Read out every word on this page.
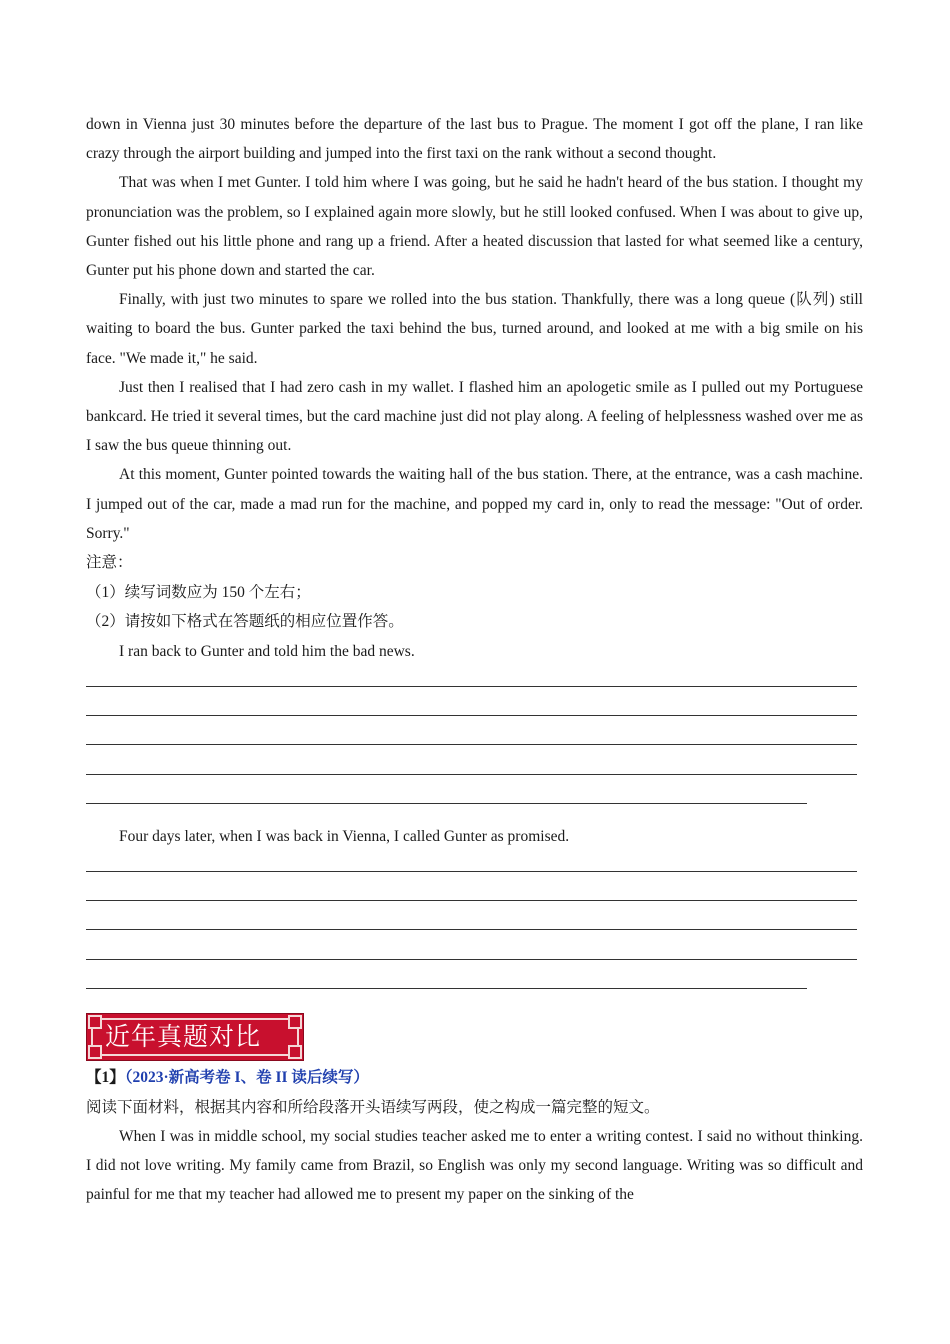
down in Vienna just 30 minutes before the departure of the last bus to Prague. The moment I got off the plane, I ran like crazy through the airport building and jumped into the first taxi on the rank without a second thought.

That was when I met Gunter. I told him where I was going, but he said he hadn't heard of the bus station. I thought my pronunciation was the problem, so I explained again more slowly, but he still looked confused. When I was about to give up, Gunter fished out his little phone and rang up a friend. After a heated discussion that lasted for what seemed like a century, Gunter put his phone down and started the car.

Finally, with just two minutes to spare we rolled into the bus station. Thankfully, there was a long queue (队列) still waiting to board the bus. Gunter parked the taxi behind the bus, turned around, and looked at me with a big smile on his face. "We made it," he said.

Just then I realised that I had zero cash in my wallet. I flashed him an apologetic smile as I pulled out my Portuguese bankcard. He tried it several times, but the card machine just did not play along. A feeling of helplessness washed over me as I saw the bus queue thinning out.

At this moment, Gunter pointed towards the waiting hall of the bus station. There, at the entrance, was a cash machine. I jumped out of the car, made a mad run for the machine, and popped my card in, only to read the message: "Out of order. Sorry."

注意：
（1）续写词数应为 150 个左右；
（2）请按如下格式在答题纸的相应位置作答。

I ran back to Gunter and told him the bad news.

Four days later, when I was back in Vienna, I called Gunter as promised.

近年真题对比
【1】（2023·新高考卷 I、卷 II 读后续写）

阅读下面材料，根据其内容和所给段落开头语续写两段，使之构成一篇完整的短文。

When I was in middle school, my social studies teacher asked me to enter a writing contest. I said no without thinking. I did not love writing. My family came from Brazil, so English was only my second language. Writing was so difficult and painful for me that my teacher had allowed me to present my paper on the sinking of the
